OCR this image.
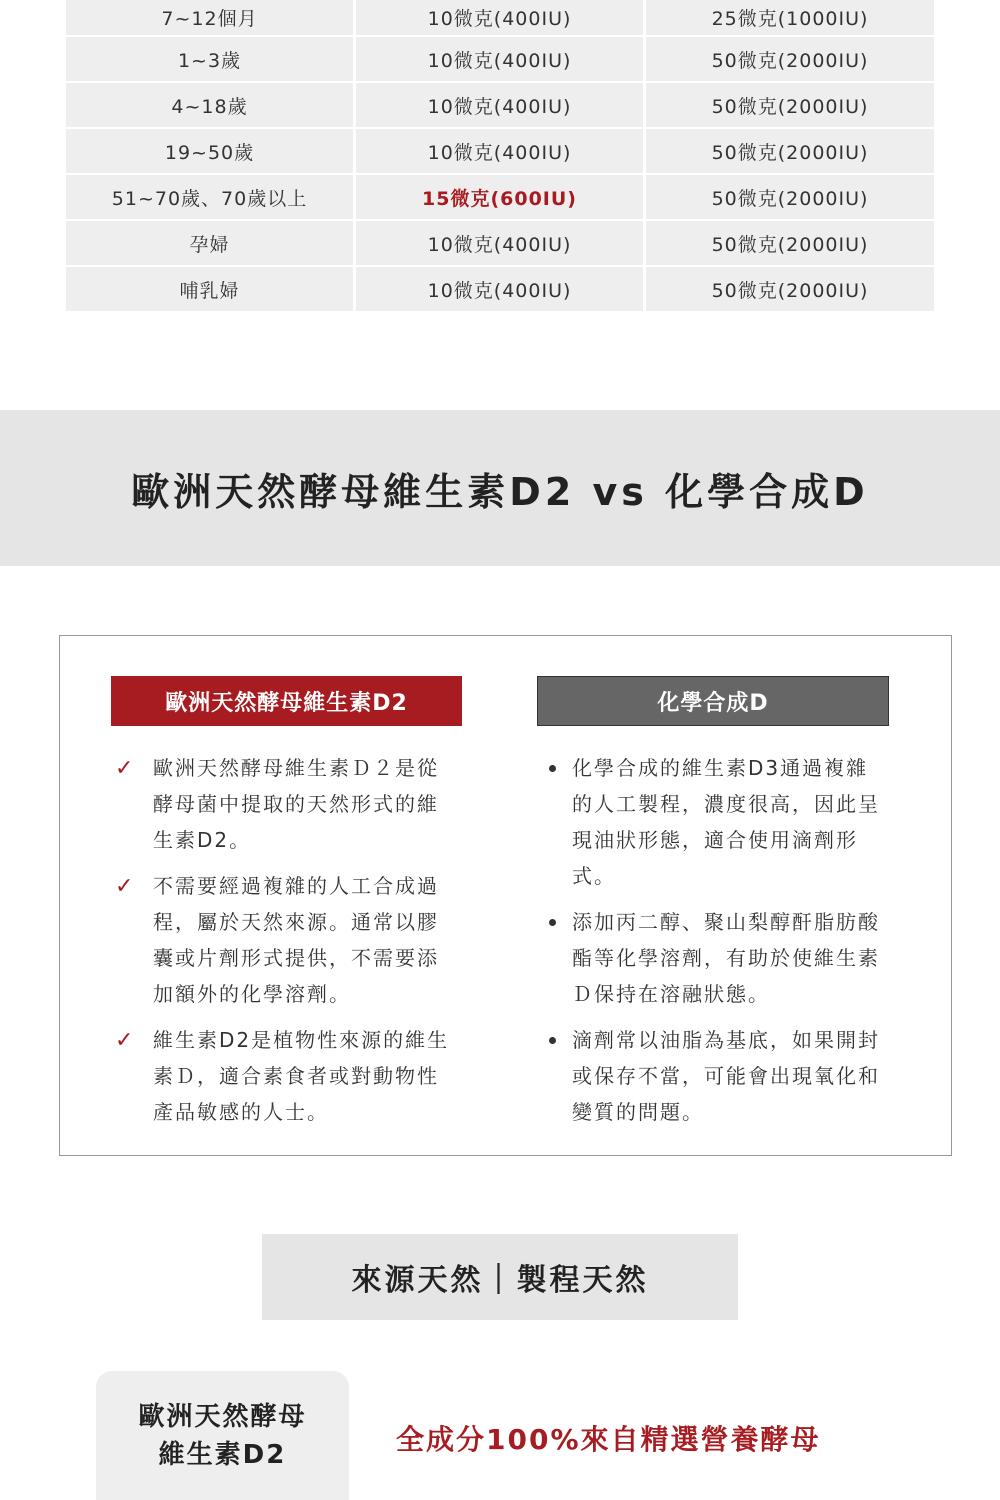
7~12個月	10微克(400IU)	25微克(1000IU)
1~3歲	10微克(400IU)	50微克(2000IU)
4~18歲	10微克(400IU)	50微克(2000IU)
19~50歲	10微克(400IU)	50微克(2000IU)
51~70歲、70歲以上	15微克(600IU)	50微克(2000IU)
孕婦	10微克(400IU)	50微克(2000IU)
哺乳婦	10微克(400IU)	50微克(2000IU)
歐洲天然酵母維生素D2 vs 化學合成D
歐洲天然酵母維生素D2	化學合成D
✓ 歐洲天然酵母維生素Ｄ２是從酵母菌中提取的天然形式的維生素D2。
✓ 不需要經過複雜的人工合成過程，屬於天然來源。通常以膠囊或片劑形式提供，不需要添加額外的化學溶劑。
✓ 維生素D2是植物性來源的維生素Ｄ，適合素食者或對動物性產品敏感的人士。
化學合成的維生素D3通過複雜的人工製程，濃度很高，因此呈現油狀形態，適合使用滴劑形式。
添加丙二醇、聚山梨醇酐脂肪酸酯等化學溶劑，有助於使維生素Ｄ保持在溶融狀態。
滴劑常以油脂為基底，如果開封或保存不當，可能會出現氧化和變質的問題。
來源天然｜製程天然
歐洲天然酵母
維生素D2	全成分100%來自精選營養酵母
